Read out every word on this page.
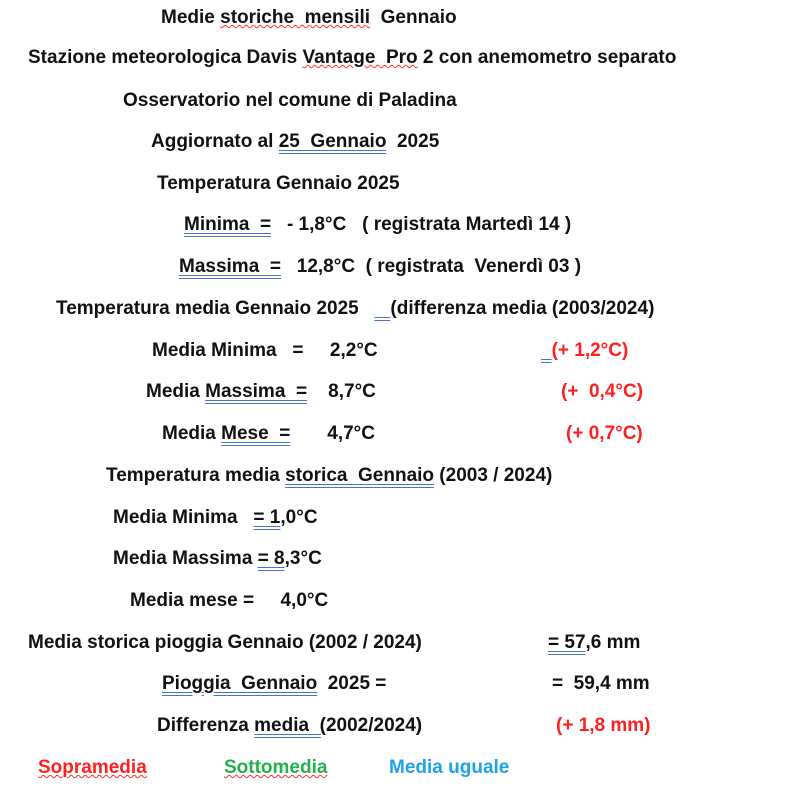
Medie storiche  mensili  Gennaio
Stazione meteorologica Davis Vantage  Pro 2 con anemometro separato
Osservatorio nel comune di Paladina
Aggiornato al 25  Gennaio  2025
Temperatura Gennaio 2025
Minima  =   - 1,8°C   ( registrata Martedì 14 )
Massima  =   12,8°C  ( registrata  Venerdì 03 )
Temperatura media Gennaio 2025      (differenza media (2003/2024)
Media Minima   =     2,2°C	(+ 1,2°C)
Media Massima  =    8,7°C	(+  0,4°C)
Media Mese  =       4,7°C	(+ 0,7°C)
Temperatura media storica  Gennaio (2003 / 2024)
Media Minima   = 1,0°C
Media Massima = 8,3°C
Media mese =     4,0°C
Media storica pioggia Gennaio (2002 / 2024)	= 57,6 mm
Pioggia  Gennaio  2025 =	=  59,4 mm
Differenza media  (2002/2024)	(+ 1,8 mm)
Sopramedia	Sottomedia	Media uguale
